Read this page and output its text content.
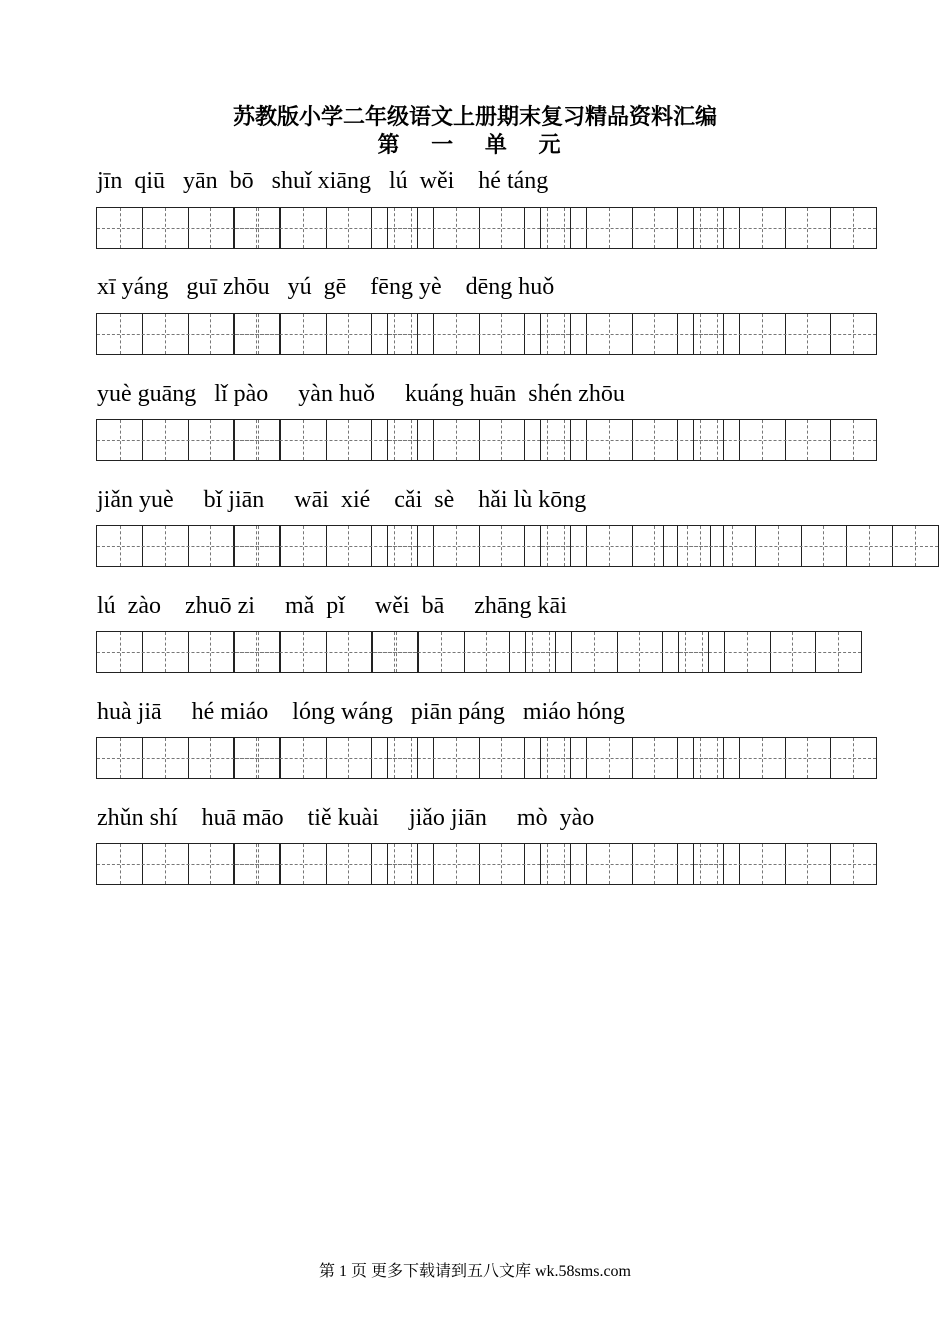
苏教版小学二年级语文上册期末复习精品资料汇编
第 一 单 元
jīn  qiū   yān  bō   shuǐ xiāng   lú  wěi    hé táng
xī yáng   guī zhōu   yú  gē    fēng yè    dēng huǒ
yuè guāng   lǐ pào     yàn huǒ     kuáng huān  shén zhōu
jiǎn yuè     bǐ jiān     wāi  xié    cǎi  sè    hǎi lù kōng
lú  zào    zhuō zi     mǎ  pǐ     wěi  bā     zhāng kāi
huà jiā     hé miáo    lóng wáng   piān páng   miáo hóng
zhǔn shí    huā māo    tiě kuài     jiǎo jiān     mò  yào
第 1 页 更多下载请到五八文库 wk.58sms.com
